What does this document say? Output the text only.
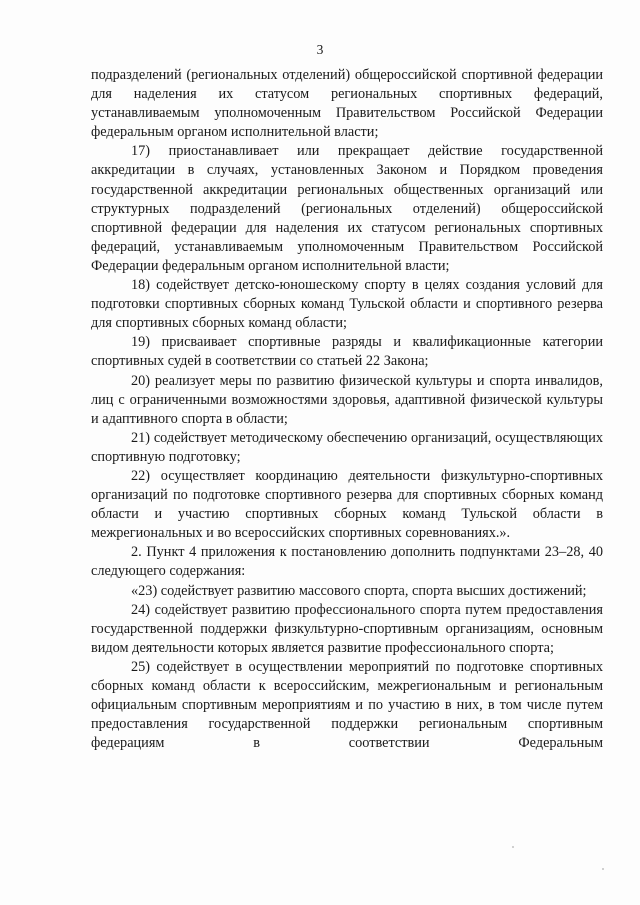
3

подразделений (региональных отделений) общероссийской спортивной федерации для наделения их статусом региональных спортивных федераций, устанавливаемым уполномоченным Правительством Российской Федерации федеральным органом исполнительной власти;

17) приостанавливает или прекращает действие государственной аккредитации в случаях, установленных Законом и Порядком проведения государственной аккредитации региональных общественных организаций или структурных подразделений (региональных отделений) общероссийской спортивной федерации для наделения их статусом региональных спортивных федераций, устанавливаемым уполномоченным Правительством Российской Федерации федеральным органом исполнительной власти;

18) содействует детско-юношескому спорту в целях создания условий для подготовки спортивных сборных команд Тульской области и спортивного резерва для спортивных сборных команд области;

19) присваивает спортивные разряды и квалификационные категории спортивных судей в соответствии со статьей 22 Закона;

20) реализует меры по развитию физической культуры и спорта инвалидов, лиц с ограниченными возможностями здоровья, адаптивной физической культуры и адаптивного спорта в области;

21) содействует методическому обеспечению организаций, осуществляющих спортивную подготовку;

22) осуществляет координацию деятельности физкультурно-спортивных организаций по подготовке спортивного резерва для спортивных сборных команд области и участию спортивных сборных команд Тульской области в межрегиональных и во всероссийских спортивных соревнованиях.».

2. Пункт 4 приложения к постановлению дополнить подпунктами 23–28, 40 следующего содержания:

«23) содействует развитию массового спорта, спорта высших достижений;

24) содействует развитию профессионального спорта путем предоставления государственной поддержки физкультурно-спортивным организациям, основным видом деятельности которых является развитие профессионального спорта;

25) содействует в осуществлении мероприятий по подготовке спортивных сборных команд области к всероссийским, межрегиональным и региональным официальным спортивным мероприятиям и по участию в них, в том числе путем предоставления государственной поддержки региональным спортивным федерациям в соответствии Федеральным
